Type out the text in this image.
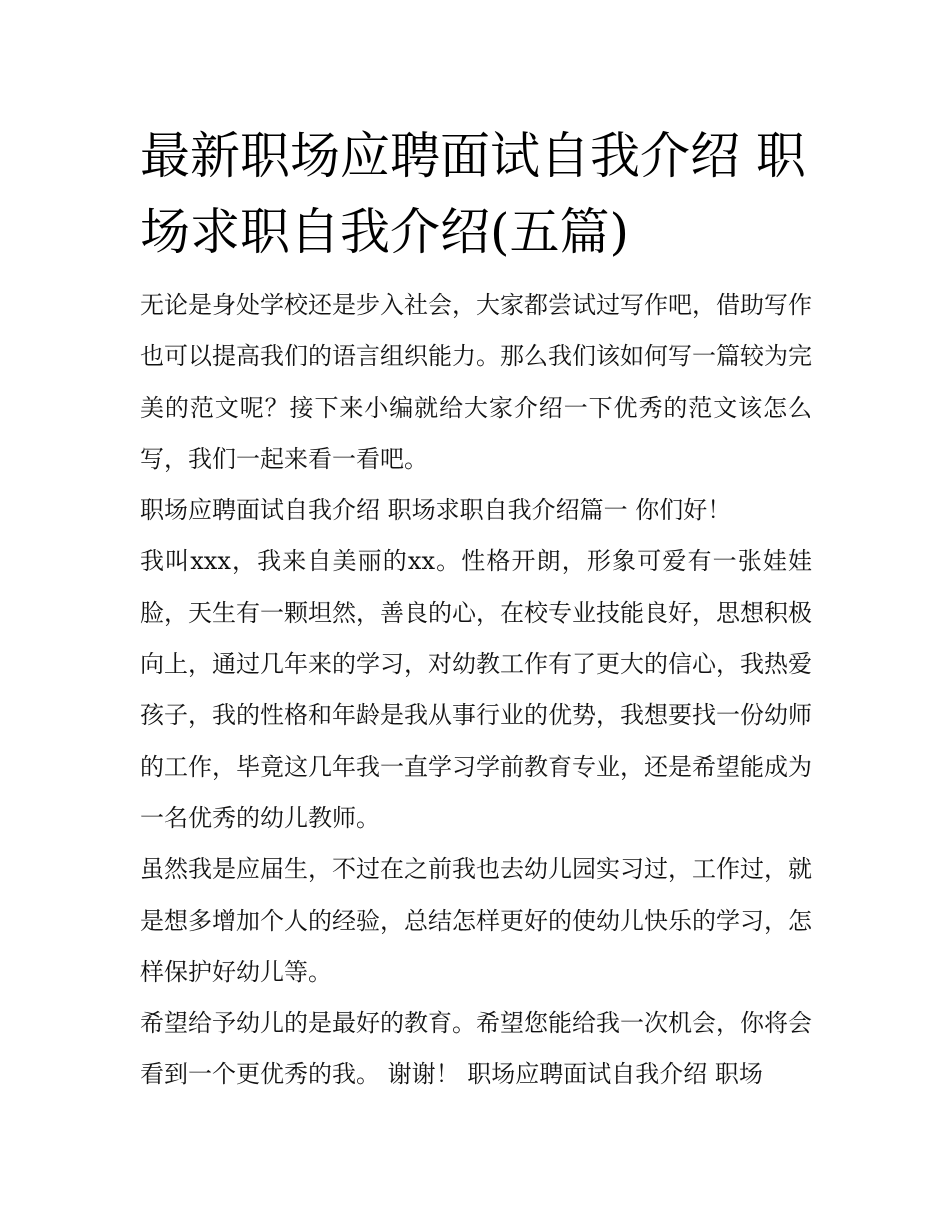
最新职场应聘面试自我介绍 职场求职自我介绍(五篇)

无论是身处学校还是步入社会，大家都尝试过写作吧，借助写作也可以提高我们的语言组织能力。那么我们该如何写一篇较为完美的范文呢？接下来小编就给大家介绍一下优秀的范文该怎么写，我们一起来看一看吧。

职场应聘面试自我介绍 职场求职自我介绍篇一 你们好！

我叫xxx，我来自美丽的xx。性格开朗，形象可爱有一张娃娃脸，天生有一颗坦然，善良的心，在校专业技能良好，思想积极向上，通过几年来的学习，对幼教工作有了更大的信心，我热爱孩子，我的性格和年龄是我从事行业的优势，我想要找一份幼师的工作，毕竟这几年我一直学习学前教育专业，还是希望能成为一名优秀的幼儿教师。

虽然我是应届生，不过在之前我也去幼儿园实习过，工作过，就是想多增加个人的经验，总结怎样更好的使幼儿快乐的学习，怎样保护好幼儿等。

希望给予幼儿的是最好的教育。希望您能给我一次机会，你将会看到一个更优秀的我。 谢谢！ 职场应聘面试自我介绍 职场
